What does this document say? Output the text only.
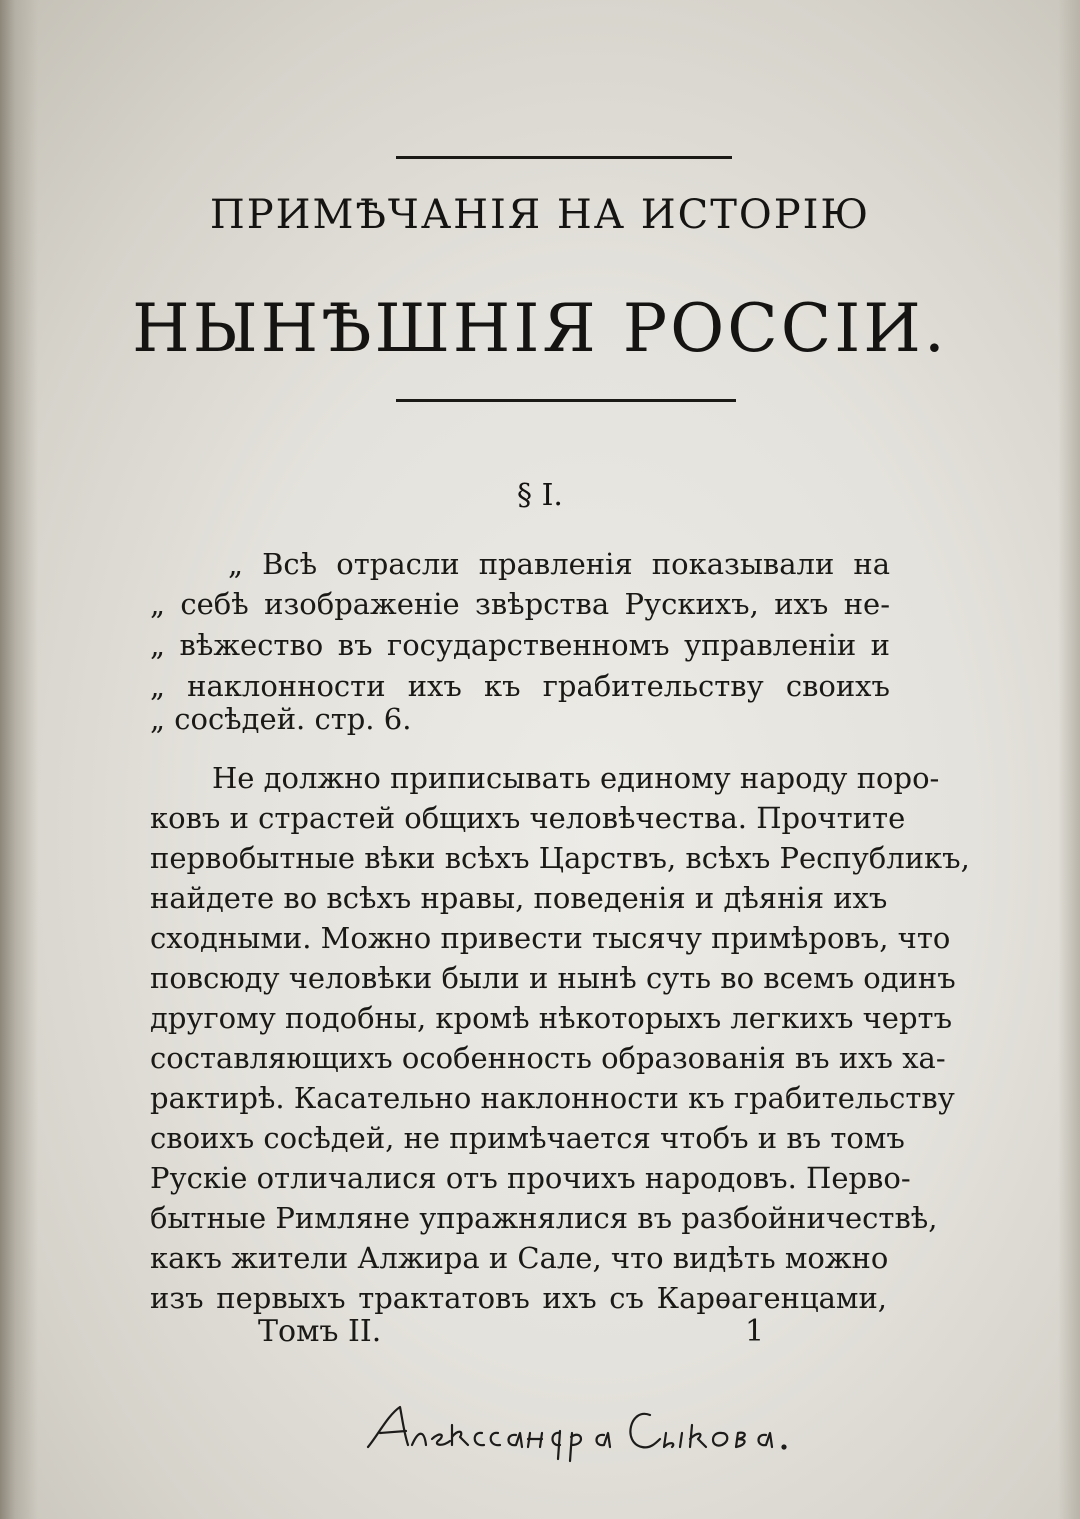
ПРИМѢЧАНІЯ НА ИСТОРІЮ
НЫНѢШНІЯ РОССІИ.
§ I.
„ Всѣ отрасли правленія показывали на
„ себѣ изображеніе звѣрства Рускихъ, ихъ не-
„ вѣжество въ государственномъ управленіи и
„ наклонности ихъ къ грабительству своихъ
„ сосѣдей. стр. 6.
Не должно приписывать единому народу поро-
ковъ и страстей общихъ человѣчества. Прочтите
первобытные вѣки всѣхъ Царствъ, всѣхъ Республикъ,
найдете во всѣхъ нравы, поведенія и дѣянія ихъ
сходными. Можно привести тысячу примѣровъ, что
повсюду человѣки были и нынѣ суть во всемъ одинъ
другому подобны, кромѣ нѣкоторыхъ легкихъ чертъ
составляющихъ особенность образованія въ ихъ ха-
рактирѣ. Касательно наклонности къ грабительству
своихъ сосѣдей, не примѣчается чтобъ и въ томъ
Рускіе отличалися отъ прочихъ народовъ. Перво-
бытные Римляне упражнялися въ разбойничествѣ,
какъ жители Алжира и Сале, что видѣть можно
изъ первыхъ трактатовъ ихъ съ Карѳагенцами,
Томъ II.	1
